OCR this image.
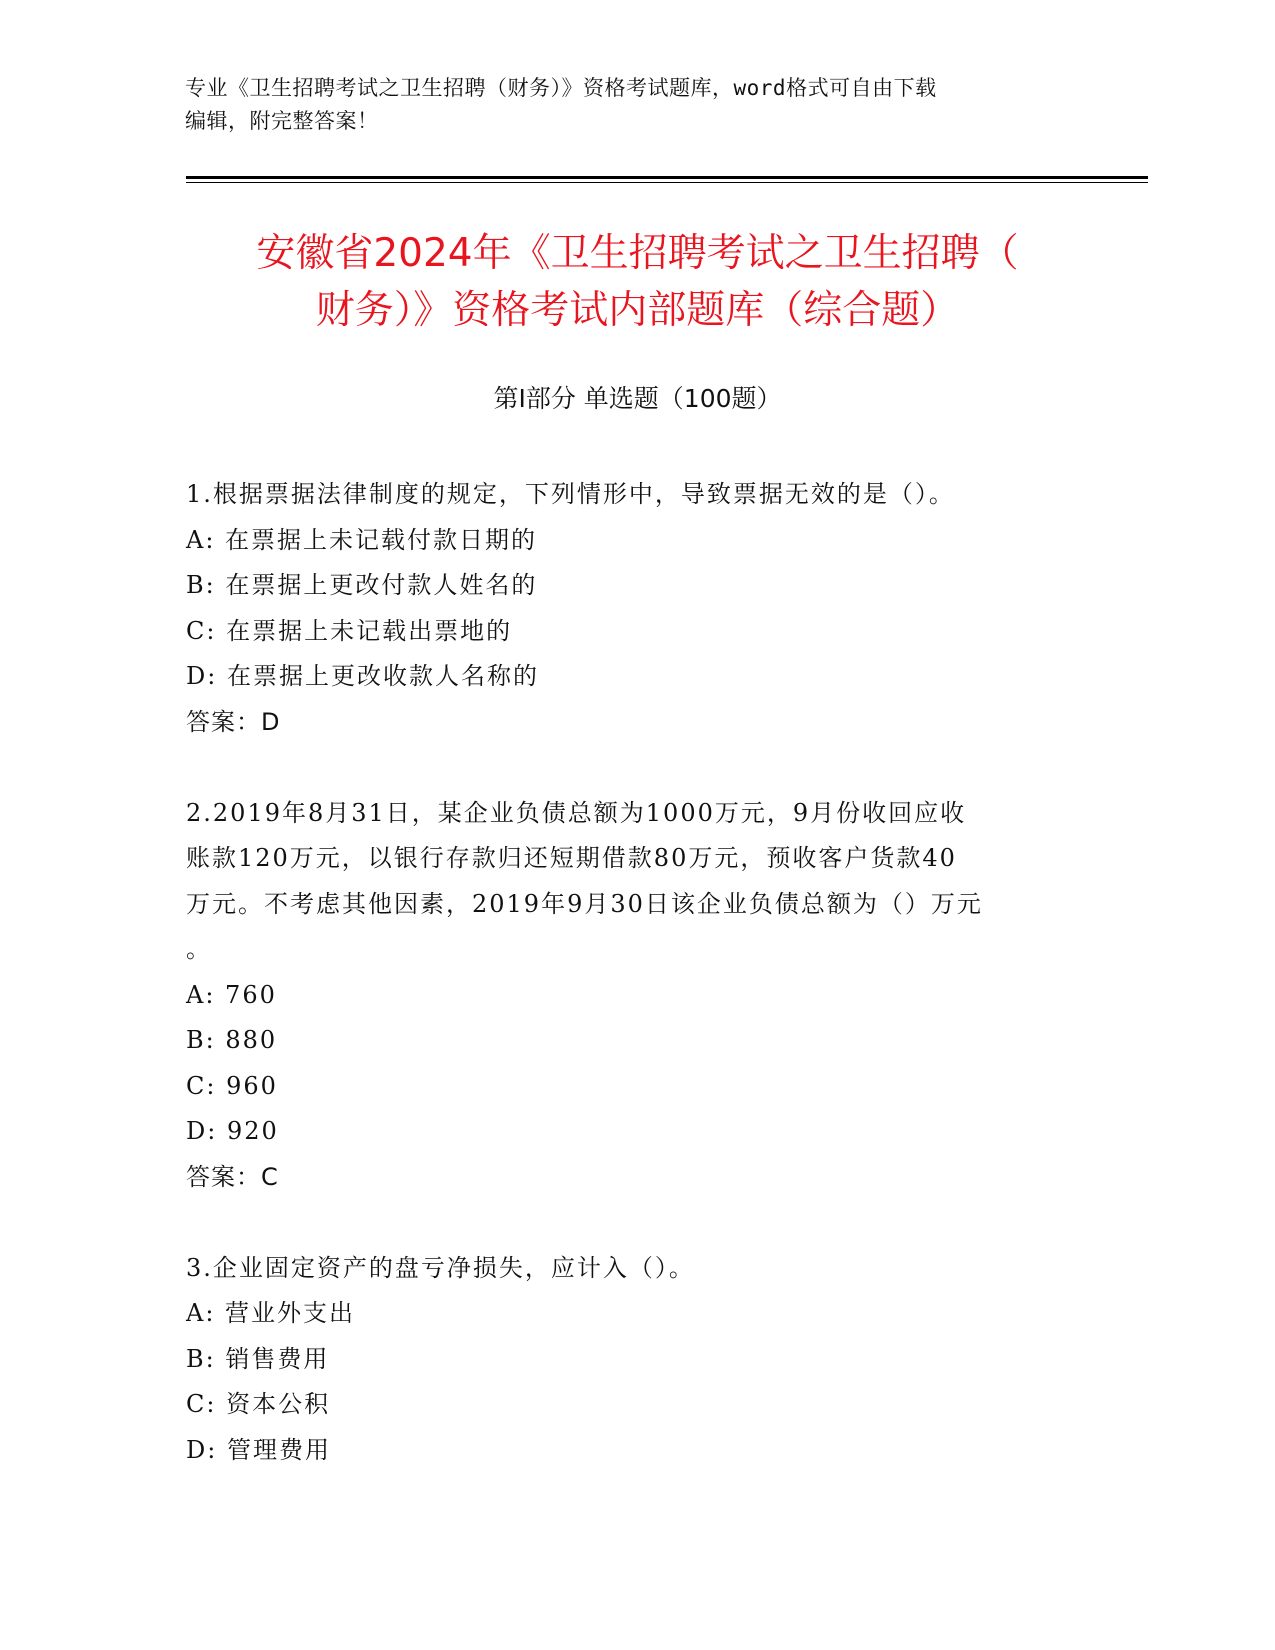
专业《卫生招聘考试之卫生招聘（财务）》资格考试题库，word格式可自由下载
编辑，附完整答案！
安徽省2024年《卫生招聘考试之卫生招聘（
财务）》资格考试内部题库（综合题）
第Ⅰ部分 单选题（100题）
1.根据票据法律制度的规定，下列情形中，导致票据无效的是（）。
A: 在票据上未记载付款日期的
B: 在票据上更改付款人姓名的
C: 在票据上未记载出票地的
D: 在票据上更改收款人名称的
答案：D
2.2019年8月31日，某企业负债总额为1000万元，9月份收回应收
账款120万元，以银行存款归还短期借款80万元，预收客户货款40
万元。不考虑其他因素，2019年9月30日该企业负债总额为（）万元
。
A: 760
B: 880
C: 960
D: 920
答案：C
3.企业固定资产的盘亏净损失，应计入（）。
A: 营业外支出
B: 销售费用
C: 资本公积
D: 管理费用
